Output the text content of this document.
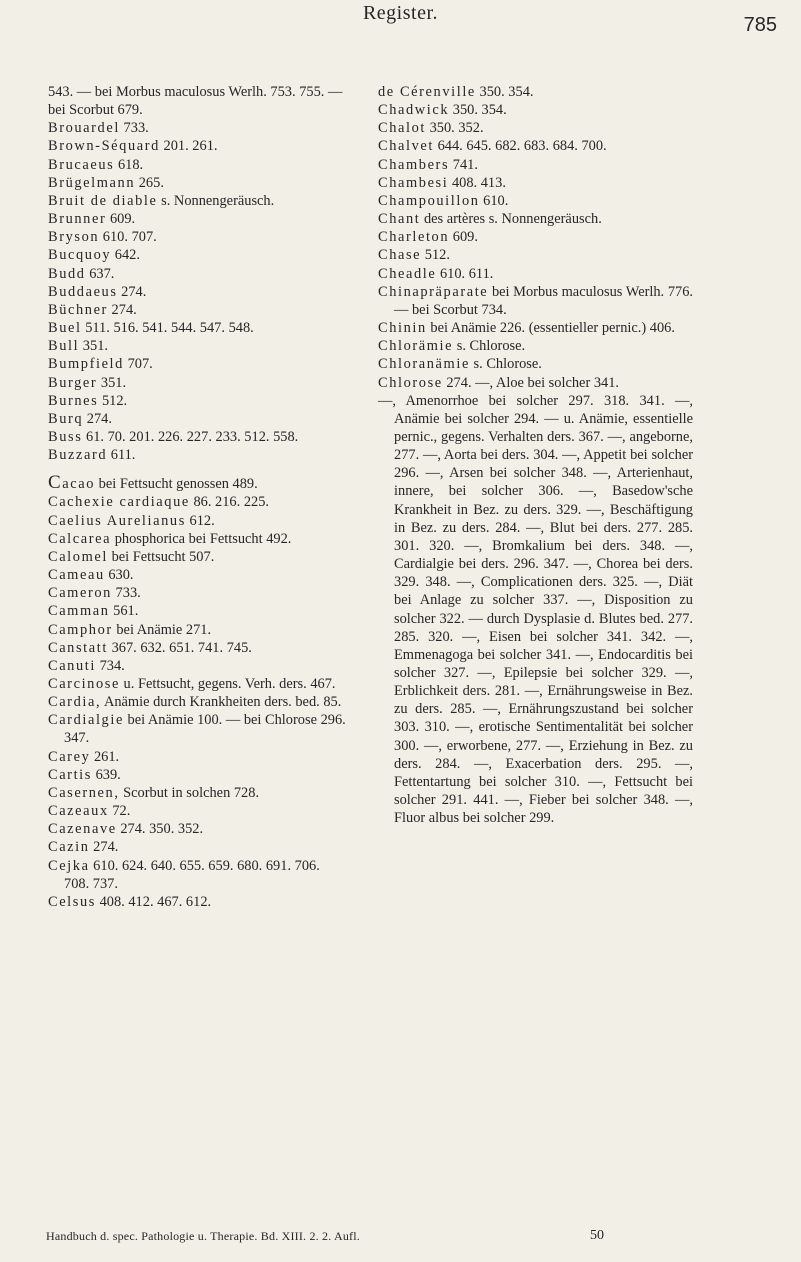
Register.
785

543. — bei Morbus maculosus Werlh. 753. 755. — bei Scorbut 679.

Brouardel 733.

Brown-Séquard 201. 261.

Brucaeus 618.

Brügelmann 265.

Bruit de diable s. Nonnengeräusch.

Brunner 609.

Bryson 610. 707.

Bucquoy 642.

Budd 637.

Buddaeus 274.

Büchner 274.

Buel 511. 516. 541. 544. 547. 548.

Bull 351.

Bumpfield 707.

Burger 351.

Burnes 512.

Burq 274.

Buss 61. 70. 201. 226. 227. 233. 512. 558.

Buzzard 611.

Cacao bei Fettsucht genossen 489.

Cachexie cardiaque 86. 216. 225.

Caelius Aurelianus 612.

Calcarea phosphorica bei Fettsucht 492.

Calomel bei Fettsucht 507.

Cameau 630.

Cameron 733.

Camman 561.

Camphor bei Anämie 271.

Canstatt 367. 632. 651. 741. 745.

Canuti 734.

Carcinose u. Fettsucht, gegens. Verh. ders. 467.

Cardia, Anämie durch Krankheiten ders. bed. 85.

Cardialgie bei Anämie 100. — bei Chlorose 296. 347.

Carey 261.

Cartis 639.

Casernen, Scorbut in solchen 728.

Cazeaux 72.

Cazenave 274. 350. 352.

Cazin 274.

Cejka 610. 624. 640. 655. 659. 680. 691. 706. 708. 737.

Celsus 408. 412. 467. 612.

de Cérenville 350. 354.

Chadwick 350. 354.

Chalot 350. 352.

Chalvet 644. 645. 682. 683. 684. 700.

Chambers 741.

Chambesi 408. 413.

Champouillon 610.

Chant des artères s. Nonnengeräusch.

Charleton 609.

Chase 512.

Cheadle 610. 611.

Chinapräparate bei Morbus maculosus Werlh. 776. — bei Scorbut 734.

Chinin bei Anämie 226. (essentieller pernic.) 406.

Chlorämie s. Chlorose.

Chloranämie s. Chlorose.

Chlorose 274. —, Aloe bei solcher 341.

—, Amenorrhoe bei solcher 297. 318. 341. —, Anämie bei solcher 294. — u. Anämie, essentielle pernic., gegens. Verhalten ders. 367. —, angeborne, 277. —, Aorta bei ders. 304. —, Appetit bei solcher 296. —, Arsen bei solcher 348. —, Arterienhaut, innere, bei solcher 306. —, Basedow'sche Krankheit in Bez. zu ders. 329. —, Beschäftigung in Bez. zu ders. 284. —, Blut bei ders. 277. 285. 301. 320. —, Bromkalium bei ders. 348. —, Cardialgie bei ders. 296. 347. —, Chorea bei ders. 329. 348. —, Complicationen ders. 325. —, Diät bei Anlage zu solcher 337. —, Disposition zu solcher 322. — durch Dysplasie d. Blutes bed. 277. 285. 320. —, Eisen bei solcher 341. 342. —, Emmenagoga bei solcher 341. —, Endocarditis bei solcher 327. —, Epilepsie bei solcher 329. —, Erblichkeit ders. 281. —, Ernährungsweise in Bez. zu ders. 285. —, Ernährungszustand bei solcher 303. 310. —, erotische Sentimentalität bei solcher 300. —, erworbene, 277. —, Erziehung in Bez. zu ders. 284. —, Exacerbation ders. 295. —, Fettentartung bei solcher 310. —, Fettsucht bei solcher 291. 441. —, Fieber bei solcher 348. —, Fluor albus bei solcher 299.

Handbuch d. spec. Pathologie u. Therapie. Bd. XIII. 2. 2. Aufl.	50
